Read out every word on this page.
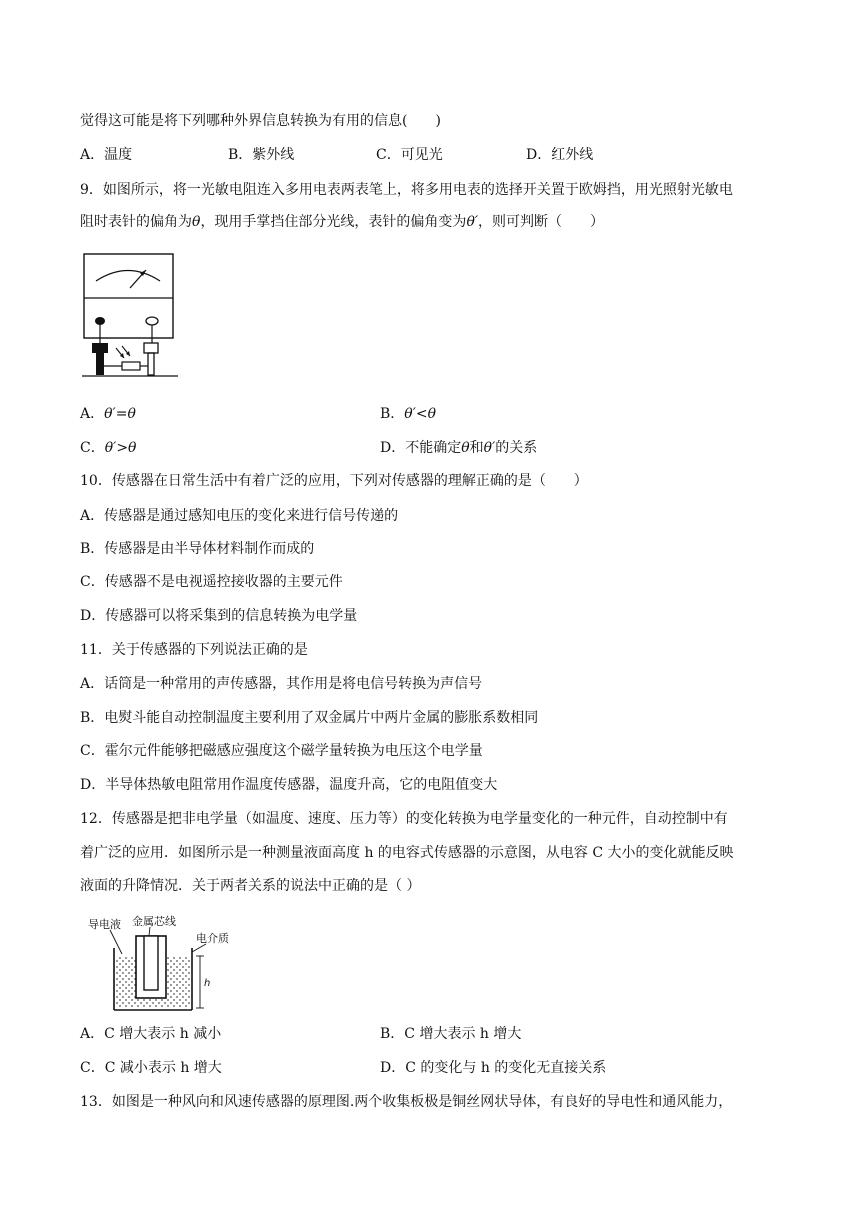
觉得这可能是将下列哪种外界信息转换为有用的信息(　　)
A．温度	B．紫外线	C．可见光	D．红外线
9．如图所示，将一光敏电阻连入多用电表两表笔上，将多用电表的选择开关置于欧姆挡，用光照射光敏电
阻时表针的偏角为θ，现用手掌挡住部分光线，表针的偏角变为θ′，则可判断（　　）
A．θ′=θ	B．θ′<θ
C．θ′>θ	D．不能确定θ和θ′的关系
10．传感器在日常生活中有着广泛的应用，下列对传感器的理解正确的是（　　）
A．传感器是通过感知电压的变化来进行信号传递的
B．传感器是由半导体材料制作而成的
C．传感器不是电视遥控接收器的主要元件
D．传感器可以将采集到的信息转换为电学量
11．关于传感器的下列说法正确的是
A．话筒是一种常用的声传感器，其作用是将电信号转换为声信号
B．电熨斗能自动控制温度主要利用了双金属片中两片金属的膨胀系数相同
C．霍尔元件能够把磁感应强度这个磁学量转换为电压这个电学量
D．半导体热敏电阻常用作温度传感器，温度升高，它的电阻值变大
12．传感器是把非电学量（如温度、速度、压力等）的变化转换为电学量变化的一种元件，自动控制中有
着广泛的应用．如图所示是一种测量液面高度 h 的电容式传感器的示意图，从电容 C 大小的变化就能反映
液面的升降情况．关于两者关系的说法中正确的是（ ）
导电液 金属芯线
电介质
h
A．C 增大表示 h 减小	B．C 增大表示 h 增大
C．C 减小表示 h 增大	D．C 的变化与 h 的变化无直接关系
13．如图是一种风向和风速传感器的原理图.两个收集板极是铜丝网状导体，有良好的导电性和通风能力，
